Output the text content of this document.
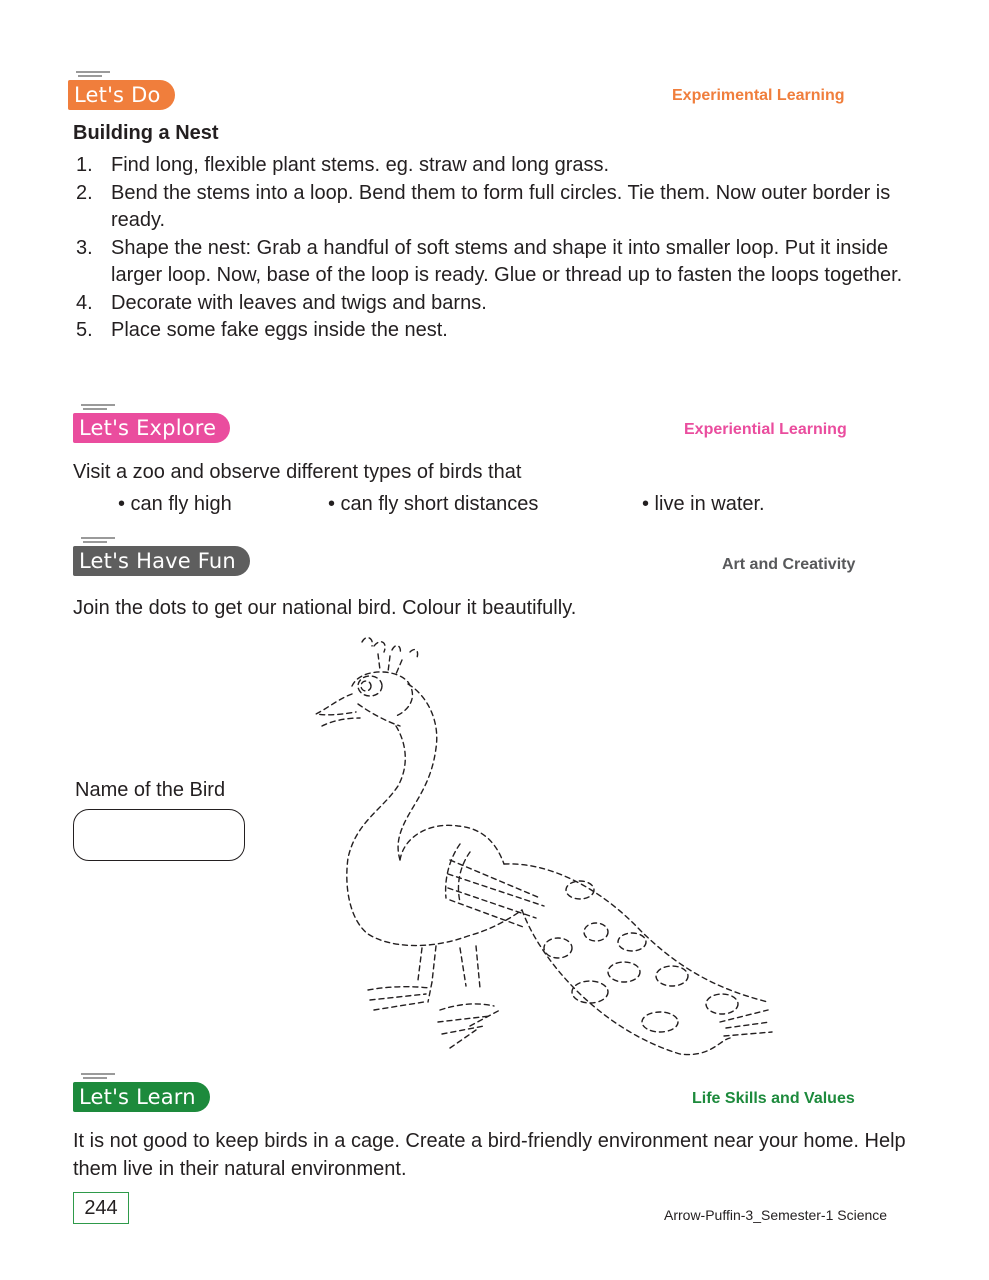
Let's Do	Experimental Learning
Building a Nest
1. Find long, flexible plant stems. eg. straw and long grass.
2. Bend the stems into a loop. Bend them to form full circles. Tie them. Now outer border is ready.
3. Shape the nest: Grab a handful of soft stems and shape it into smaller loop. Put it inside larger loop. Now, base of the loop is ready. Glue or thread up to fasten the loops together.
4. Decorate with leaves and twigs and barns.
5. Place some fake eggs inside the nest.
Let's Explore	Experiential Learning
Visit a zoo and observe different types of birds that
• can fly high	• can fly short distances	• live in water.
Let's Have Fun	Art and Creativity
Join the dots to get our national bird. Colour it beautifully.
Name of the Bird
Let's Learn	Life Skills and Values
It is not good to keep birds in a cage. Create a bird-friendly environment near your home. Help them live in their natural environment.
244	Arrow-Puffin-3_Semester-1 Science
